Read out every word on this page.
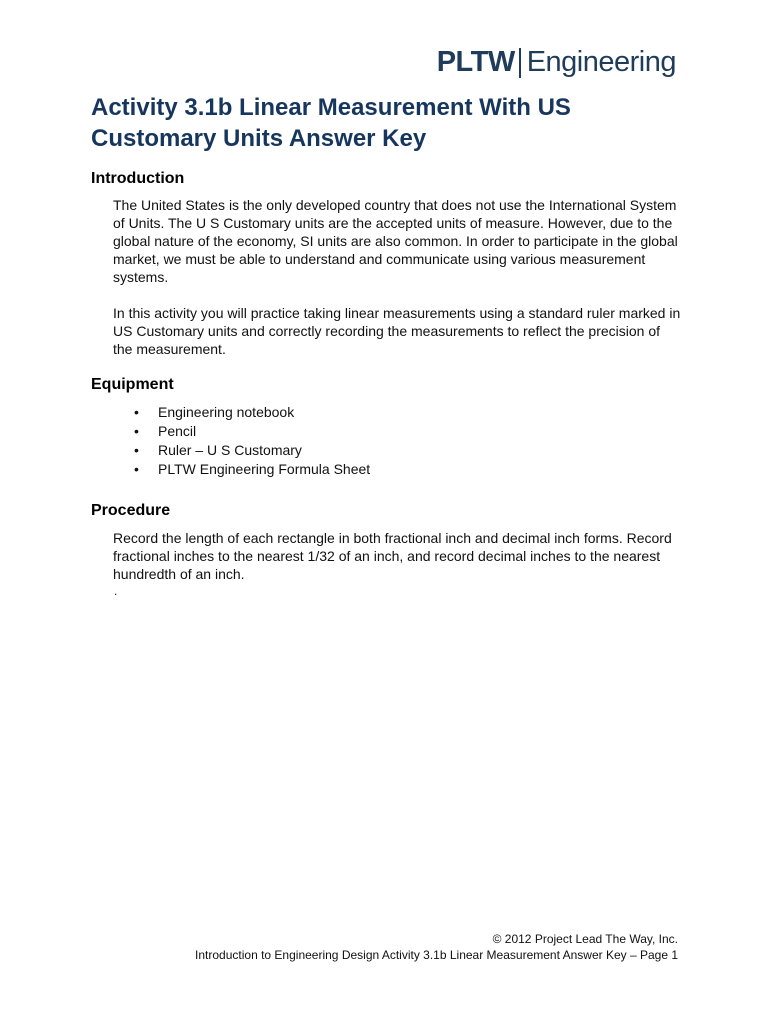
PLTW Engineering
Activity 3.1b Linear Measurement With US Customary Units Answer Key
Introduction

The United States is the only developed country that does not use the International System of Units. The U S Customary units are the accepted units of measure. However, due to the global nature of the economy, SI units are also common. In order to participate in the global market, we must be able to understand and communicate using various measurement systems.

In this activity you will practice taking linear measurements using a standard ruler marked in US Customary units and correctly recording the measurements to reflect the precision of the measurement.

Equipment
• Engineering notebook
• Pencil
• Ruler – U S Customary
• PLTW Engineering Formula Sheet
Procedure

Record the length of each rectangle in both fractional inch and decimal inch forms. Record fractional inches to the nearest 1/32 of an inch, and record decimal inches to the nearest hundredth of an inch.

.
© 2012 Project Lead The Way, Inc.
Introduction to Engineering Design Activity 3.1b Linear Measurement Answer Key – Page 1
